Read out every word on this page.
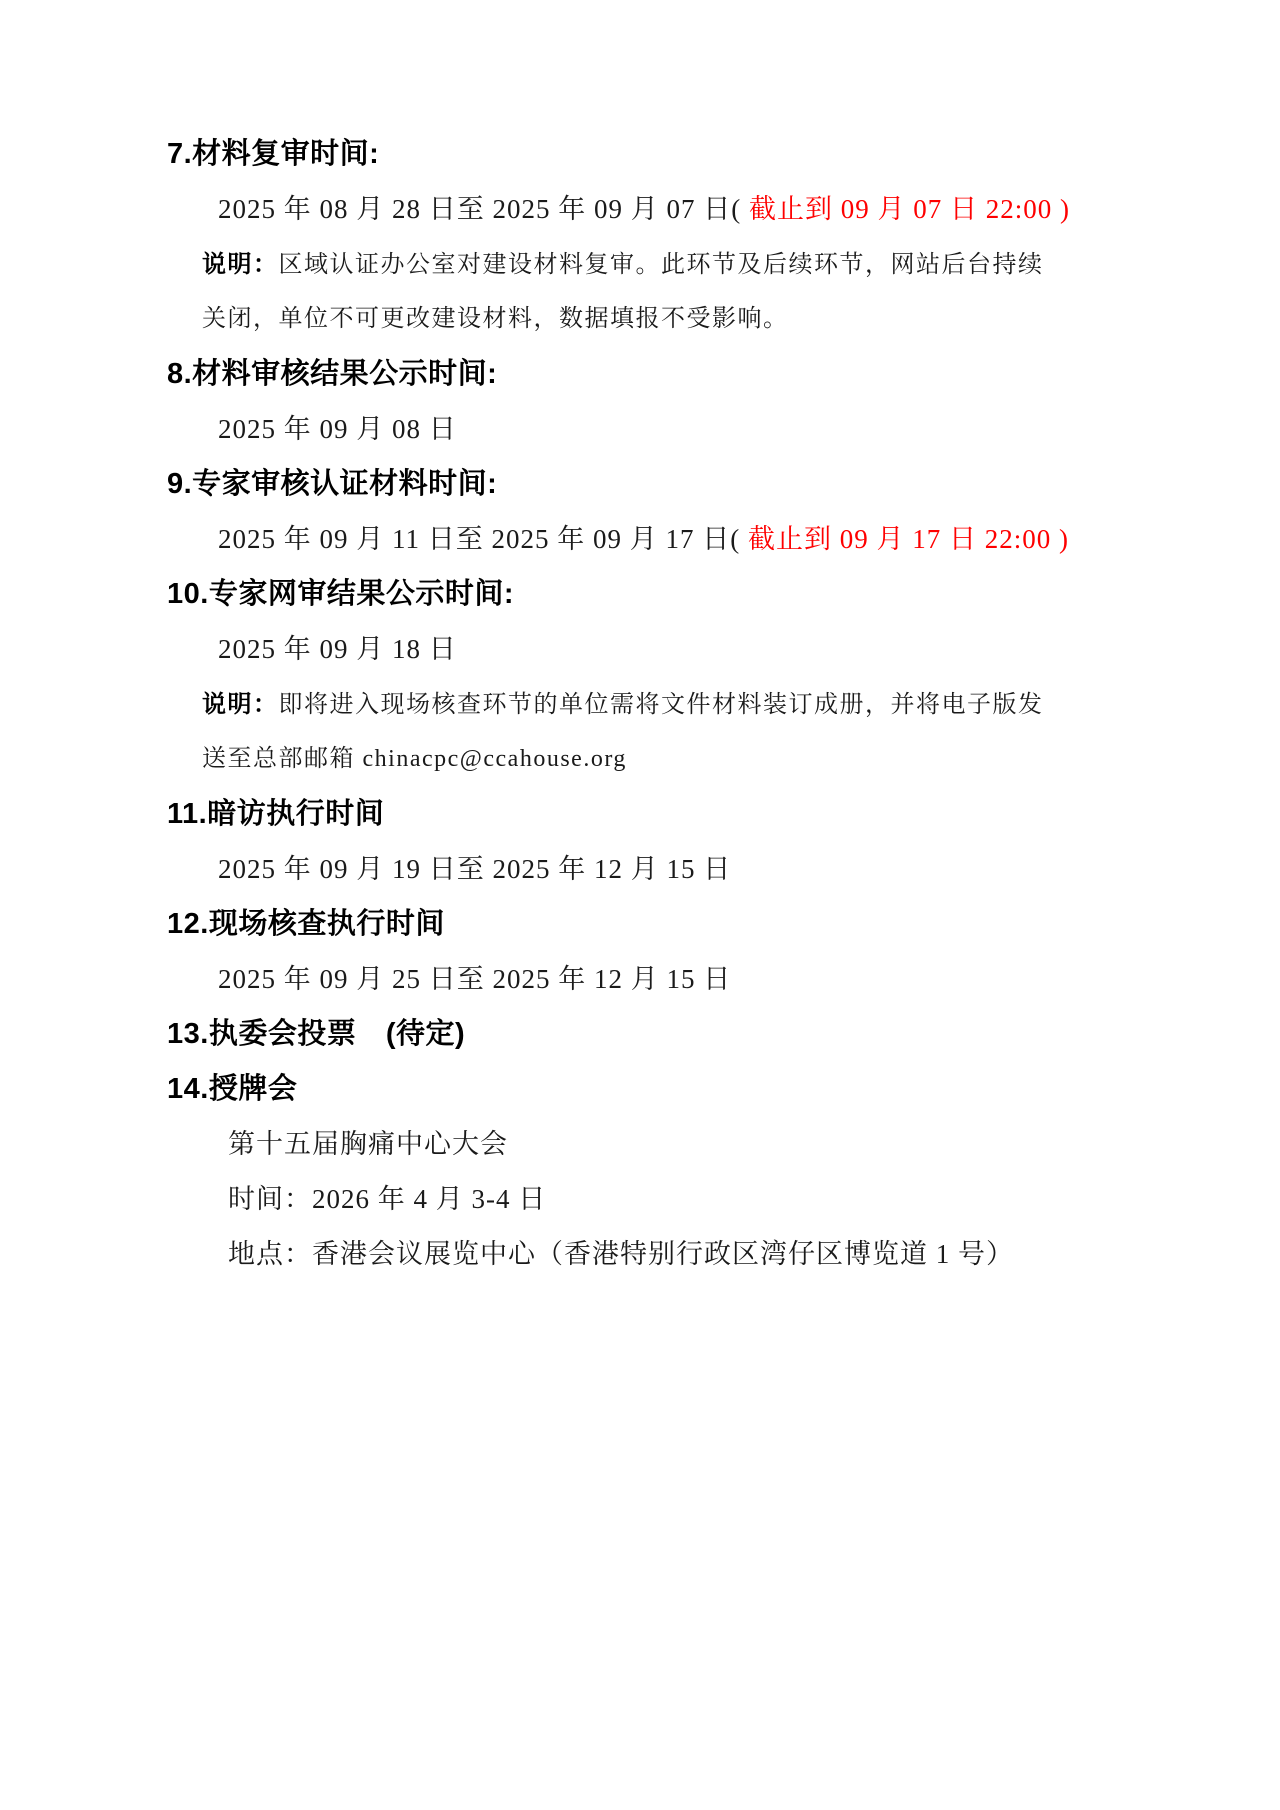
7.材料复审时间:
2025 年 08 月 28 日至 2025 年 09 月 07 日( 截止到 09 月 07 日 22:00 )
说明：区域认证办公室对建设材料复审。此环节及后续环节，网站后台持续
关闭，单位不可更改建设材料，数据填报不受影响。
8.材料审核结果公示时间:
2025 年 09 月 08 日
9.专家审核认证材料时间:
2025 年 09 月 11 日至 2025 年 09 月 17 日( 截止到 09 月 17 日 22:00 )
10.专家网审结果公示时间:
2025 年 09 月 18 日
说明：即将进入现场核查环节的单位需将文件材料装订成册，并将电子版发
送至总部邮箱 chinacpc@ccahouse.org
11.暗访执行时间
2025 年 09 月 19 日至 2025 年 12 月 15 日
12.现场核查执行时间
2025 年 09 月 25 日至 2025 年 12 月 15 日
13.执委会投票　(待定)
14.授牌会
第十五届胸痛中心大会
时间：2026 年 4 月 3-4 日
地点：香港会议展览中心（香港特别行政区湾仔区博览道 1 号）
